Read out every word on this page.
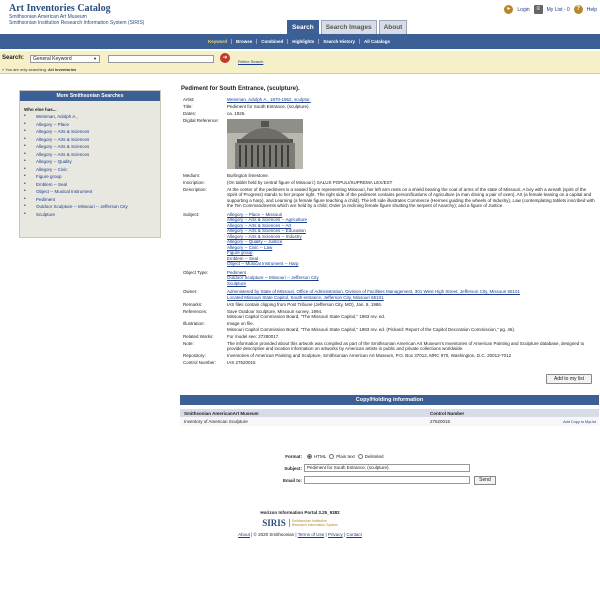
Art Inventories Catalog
Smithsonian American Art Museum
Smithsonian Institution Research Information System (SIRIS)
▸	Login	≡	My List - 0	?	Help
Search	Search Images	About
Keyword	Browse	Combined	Highlights	Search History	All Catalogs
Search:	General Keyword	▼	➜
Refine Search
» You are only searching: Art inventories
More Smithsonian Searches
Who else has...
•	Weinman, Adolph A.,
•	Allegory -- Place
•	Allegory -- Arts & Sciences
•	Allegory -- Arts & Sciences
•	Allegory -- Arts & Sciences
•	Allegory -- Arts & Sciences
•	Allegory -- Quality
•	Allegory -- Civic
•	Figure group
•	Emblem -- Seal
•	Object -- Musical Instrument
•	Pediment
•	Outdoor Sculpture -- Missouri -- Jefferson City
•	Sculpture
Pediment for South Entrance, (sculpture).
Artist:	Weinman, Adolph A., 1870-1952, sculptor.
Title:	Pediment for South Entrance, (sculpture).
Dates:	ca. 1926.
Digital Reference:
Medium:	Burlington limestone.
Inscription:	(On tablet held by central figure of Missouri:) SALUS POPULI/SUPREMA LEX/EST
Description:	At the center of the pediment is a seated figure representing Missouri, her left arm rests on a shield bearing the coat of arms of the state of Missouri. A boy with a wreath (spirit of the Spirit of Progress) stands to her proper right. The right side of the pediment contains personifications of Agriculture (a man driving a pair of oxen), Art (a female leaning on a capital and supporting a harp), and Learning (a female figure teaching a child). The left side illustrates Commerce (Hermes guiding the wheels of Industry), Law (contemplating tablets inscribed with the Ten Commandments which are held by a child; Order (a reclining female figure shutting the serpent of Anarchy); and a figure of Justice.
Subject:	Allegory -- Place -- Missouri
Allegory -- Arts & Sciences -- Agriculture
Allegory -- Arts & Sciences -- Art
Allegory -- Arts & Sciences -- Education
Allegory -- Arts & Sciences -- Industry
Allegory -- Quality -- Justice
Allegory -- Civic -- Law
Figure group
Emblem -- Seal
Object -- Musical Instrument -- Harp
Object Type:	Pediment
Outdoor Sculpture -- Missouri -- Jefferson City
Sculpture
Owner:	Administered by State of Missouri, Office of Administration, Division of Facilities Management, 301 West High Street, Jefferson City, Missouri 65101
Located Missouri State Capitol, South entrance, Jefferson City, Missouri 65101
Remarks:	IAS files contain clipping from Post Tribune (Jefferson City, MO), Jan. 8, 1986.
References:	Save Outdoor Sculpture, Missouri survey, 1994.
Missouri Capitol Commission Board, "The Missouri State Capitol," 1983 rev. ed.
Illustration:	Image on file.
Missouri Capitol Commission Board, "The Missouri State Capitol," 1983 rev. ed. (Pickard: Report of the Capitol Decoration Commission," pg. 46).
Related Works:	For model see: 27280017.
Note:	The information provided about this artwork was compiled as part of the Smithsonian American Art Museum's Inventories of American Painting and Sculpture database, designed to provide descriptive and location information on artworks by American artists in public and private collections worldwide.
Repository:	Inventories of American Painting and Sculpture, Smithsonian American Art Museum, P.O. Box 37012, MRC 970, Washington, D.C. 20013-7012
Control Number:	IAS 27620015
Add to my list
Copy/Holding information
Smithsonian AmericanArt Museum	Control Number
Inventory of American Sculpture	27620015	Add Copy to MyList
Format:	HTML Plain text Delimited
Subject:	Pediment for South Entrance, (sculpture).
Email to:	Send
Horizon Information Portal 3.25_9382
SIRIS	Smithsonian Institution
Research Information System
About | © 2020 Smithsonian | Terms of Use | Privacy | Contact
